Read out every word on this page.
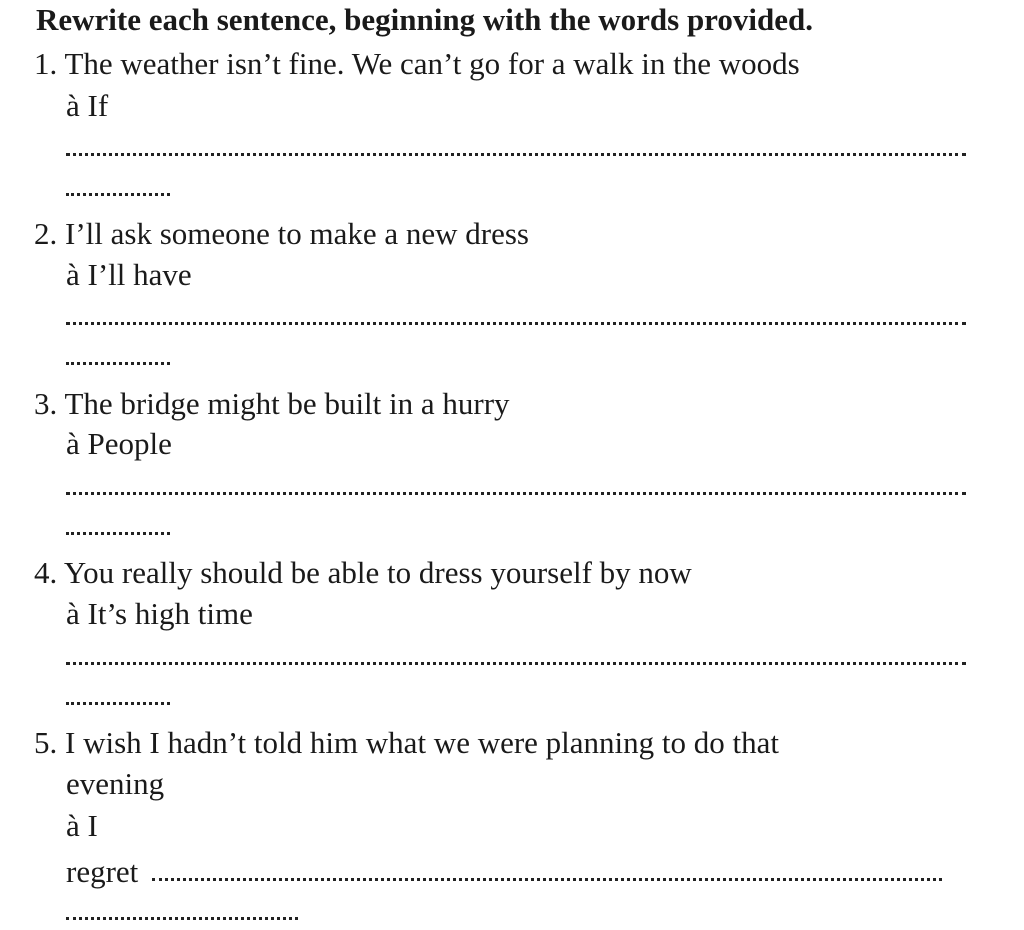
Rewrite each sentence, beginning with the words provided.
1. The weather isn’t fine. We can’t go for a walk in the woods
à If
2. I’ll ask someone to make a new dress
à I’ll have
3. The bridge might be built in a hurry
à People
4. You really should be able to dress yourself by now
à It’s high time
5. I wish I hadn’t told him what we were planning to do that
evening
à I
regret
